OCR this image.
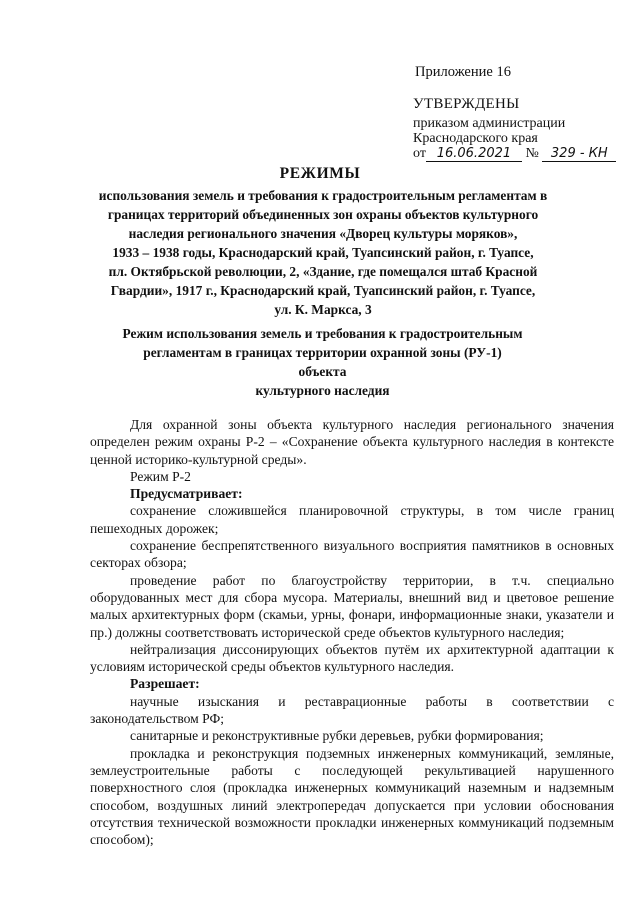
Приложение 16
УТВЕРЖДЕНЫ
приказом администрации
Краснодарского края
от 16.06.2021 № 329 - КН
РЕЖИМЫ
использования земель и требования к градостроительным регламентам в
границах территорий объединенных зон охраны объектов культурного
наследия регионального значения «Дворец культуры моряков»,
1933 – 1938 годы, Краснодарский край, Туапсинский район, г. Туапсе,
пл. Октябрьской революции, 2, «Здание, где помещался штаб Красной
Гвардии», 1917 г., Краснодарский край, Туапсинский район, г. Туапсе,
ул. К. Маркса, 3
Режим использования земель и требования к градостроительным
регламентам в границах территории охранной зоны (РУ-1) объекта
культурного наследия

Для охранной зоны объекта культурного наследия регионального значения определен режим охраны Р-2 – «Сохранение объекта культурного наследия в контексте ценной историко-культурной среды».

Режим Р-2

Предусматривает:

сохранение сложившейся планировочной структуры, в том числе границ пешеходных дорожек;

сохранение беспрепятственного визуального восприятия памятников в основных секторах обзора;

проведение работ по благоустройству территории, в т.ч. специально оборудованных мест для сбора мусора. Материалы, внешний вид и цветовое решение малых архитектурных форм (скамьи, урны, фонари, информационные знаки, указатели и пр.) должны соответствовать исторической среде объектов культурного наследия;

нейтрализация диссонирующих объектов путём их архитектурной адаптации к условиям исторической среды объектов культурного наследия.

Разрешает:

научные изыскания и реставрационные работы в соответствии с законодательством РФ;

санитарные и реконструктивные рубки деревьев, рубки формирования;

прокладка и реконструкция подземных инженерных коммуникаций, земляные, землеустроительные работы с последующей рекультивацией нарушенного поверхностного слоя (прокладка инженерных коммуникаций наземным и надземным способом, воздушных линий электропередач допускается при условии обоснования отсутствия технической возможности прокладки инженерных коммуникаций подземным способом);
